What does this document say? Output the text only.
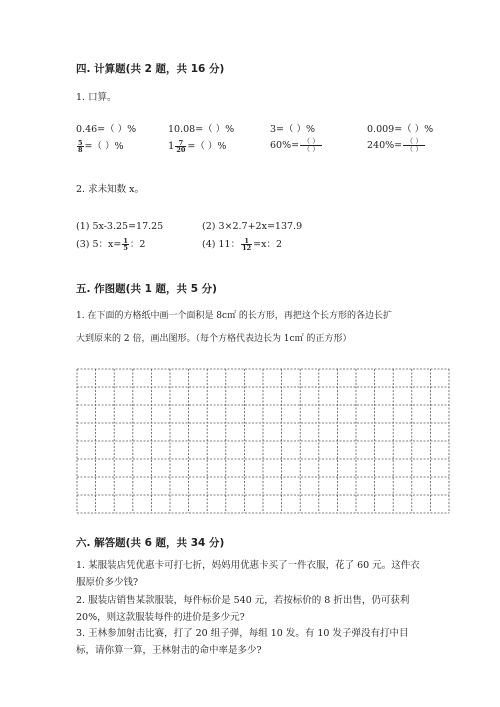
四. 计算题(共 2 题，共 16 分)
1. 口算。
0.46=（ ）%	10.08=（ ）%	3=（ ）%	0.009=（ ）%
$\frac{5}{8}$ =（ ）%	$1 \frac{7}{20}$ =（ ）%	$60\%= \frac{( )}{( )}$	$240\%= \frac{( )}{( )}$
2. 求未知数 x。
(1) 5x-3.25=17.25	(2) 3×2.7+2x=137.9
(3) 5：$x= \frac{1}{5}$ ：2	(4) 11： $\frac{1}{12} =x$：2
五. 作图题(共 1 题，共 5 分)
1. 在下面的方格纸中画一个面积是 8c㎡ 的长方形，再把这个长方形的各边长扩
大到原来的 2 倍，画出图形。（每个方格代表边长为 1c㎡ 的正方形）
六. 解答题(共 6 题，共 34 分)
1. 某服装店凭优惠卡可打七折，妈妈用优惠卡买了一件衣服，花了 60 元。这件衣服原价多少钱?
2. 服装店销售某款服装，每件标价是 540 元，若按标价的 8 折出售，仍可获利 20%，则这款服装每件的进价是多少元?
3. 王林参加射击比赛，打了 20 组子弹，每组 10 发。有 10 发子弹没有打中目标，请你算一算，王林射击的命中率是多少?
